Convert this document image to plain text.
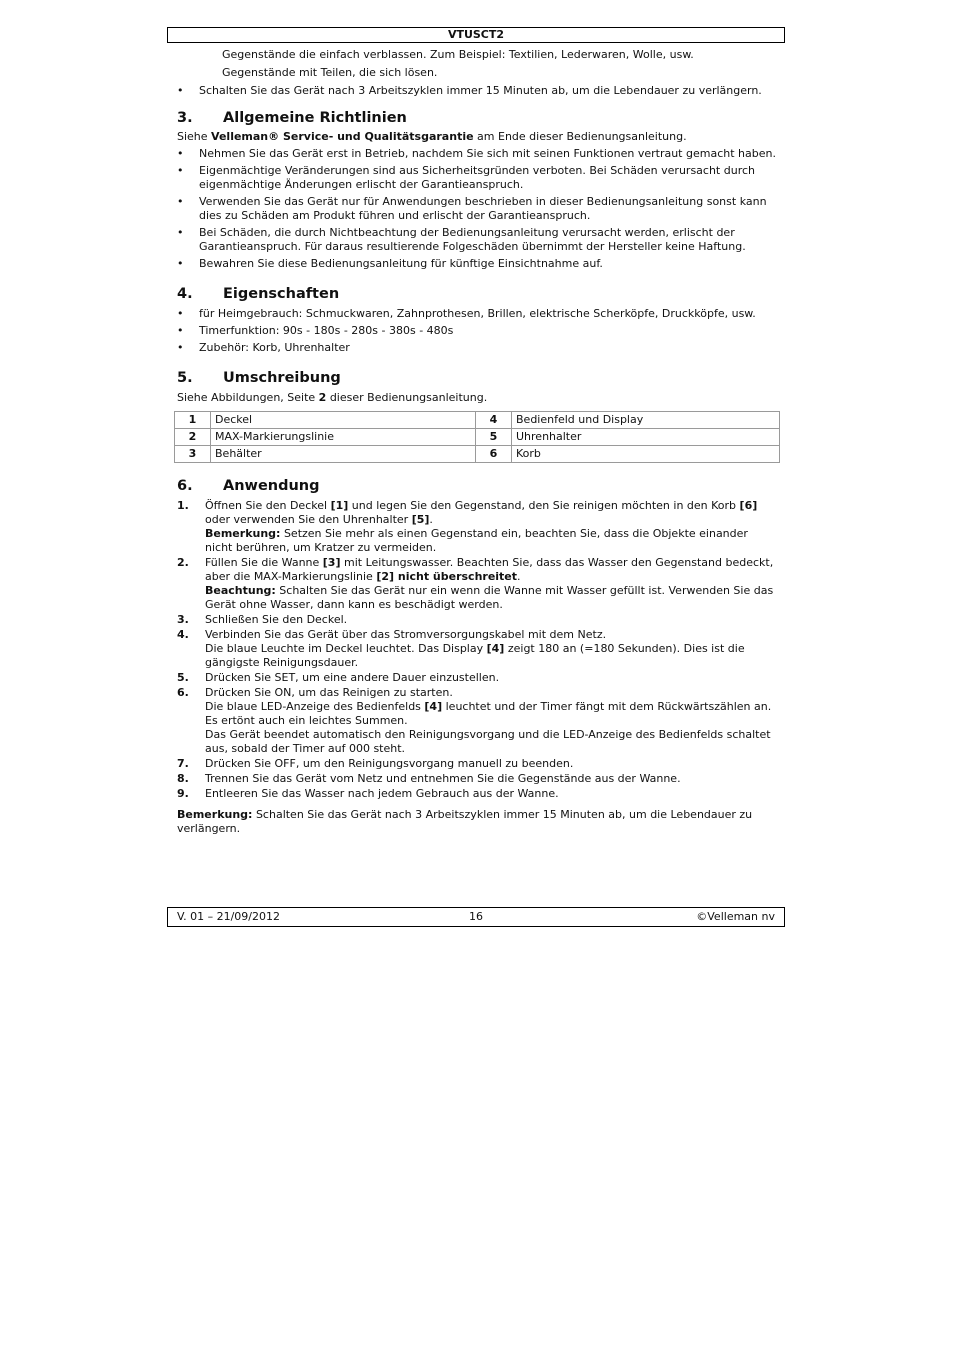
VTUSCT2

Gegenstände die einfach verblassen. Zum Beispiel: Textilien, Lederwaren, Wolle, usw.

Gegenstände mit Teilen, die sich lösen.

• Schalten Sie das Gerät nach 3 Arbeitszyklen immer 15 Minuten ab, um die Lebendauer zu verlängern.
3.	Allgemeine Richtlinien

Siehe Velleman® Service- und Qualitätsgarantie am Ende dieser Bedienungsanleitung.

• Nehmen Sie das Gerät erst in Betrieb, nachdem Sie sich mit seinen Funktionen vertraut gemacht haben.
• Eigenmächtige Veränderungen sind aus Sicherheitsgründen verboten. Bei Schäden verursacht durch eigenmächtige Änderungen erlischt der Garantieanspruch.
• Verwenden Sie das Gerät nur für Anwendungen beschrieben in dieser Bedienungsanleitung sonst kann dies zu Schäden am Produkt führen und erlischt der Garantieanspruch.
• Bei Schäden, die durch Nichtbeachtung der Bedienungsanleitung verursacht werden, erlischt der Garantieanspruch. Für daraus resultierende Folgeschäden übernimmt der Hersteller keine Haftung.
• Bewahren Sie diese Bedienungsanleitung für künftige Einsichtnahme auf.
4.	Eigenschaften
• für Heimgebrauch: Schmuckwaren, Zahnprothesen, Brillen, elektrische Scherköpfe, Druckköpfe, usw.
• Timerfunktion: 90s - 180s - 280s - 380s - 480s
• Zubehör: Korb, Uhrenhalter
5.	Umschreibung

Siehe Abbildungen, Seite 2 dieser Bedienungsanleitung.

1	Deckel	4	Bedienfeld und Display
2	MAX-Markierungslinie	5	Uhrenhalter
3	Behälter	6	Korb
6.	Anwendung
1. Öffnen Sie den Deckel [1] und legen Sie den Gegenstand, den Sie reinigen möchten in den Korb [6] oder verwenden Sie den Uhrenhalter [5].
Bemerkung: Setzen Sie mehr als einen Gegenstand ein, beachten Sie, dass die Objekte einander nicht berühren, um Kratzer zu vermeiden.
2. Füllen Sie die Wanne [3] mit Leitungswasser. Beachten Sie, dass das Wasser den Gegenstand bedeckt, aber die MAX-Markierungslinie [2] nicht überschreitet.
Beachtung: Schalten Sie das Gerät nur ein wenn die Wanne mit Wasser gefüllt ist. Verwenden Sie das Gerät ohne Wasser, dann kann es beschädigt werden.
3. Schließen Sie den Deckel.
4. Verbinden Sie das Gerät über das Stromversorgungskabel mit dem Netz.
Die blaue Leuchte im Deckel leuchtet. Das Display [4] zeigt 180 an (=180 Sekunden). Dies ist die gängigste Reinigungsdauer.
5. Drücken Sie SET, um eine andere Dauer einzustellen.
6. Drücken Sie ON, um das Reinigen zu starten.
Die blaue LED-Anzeige des Bedienfelds [4] leuchtet und der Timer fängt mit dem Rückwärtszählen an. Es ertönt auch ein leichtes Summen.
Das Gerät beendet automatisch den Reinigungsvorgang und die LED-Anzeige des Bedienfelds schaltet aus, sobald der Timer auf 000 steht.
7. Drücken Sie OFF, um den Reinigungsvorgang manuell zu beenden.
8. Trennen Sie das Gerät vom Netz und entnehmen Sie die Gegenstände aus der Wanne.
9. Entleeren Sie das Wasser nach jedem Gebrauch aus der Wanne.

Bemerkung: Schalten Sie das Gerät nach 3 Arbeitszyklen immer 15 Minuten ab, um die Lebendauer zu verlängern.

V. 01 – 21/09/2012	16	©Velleman nv
